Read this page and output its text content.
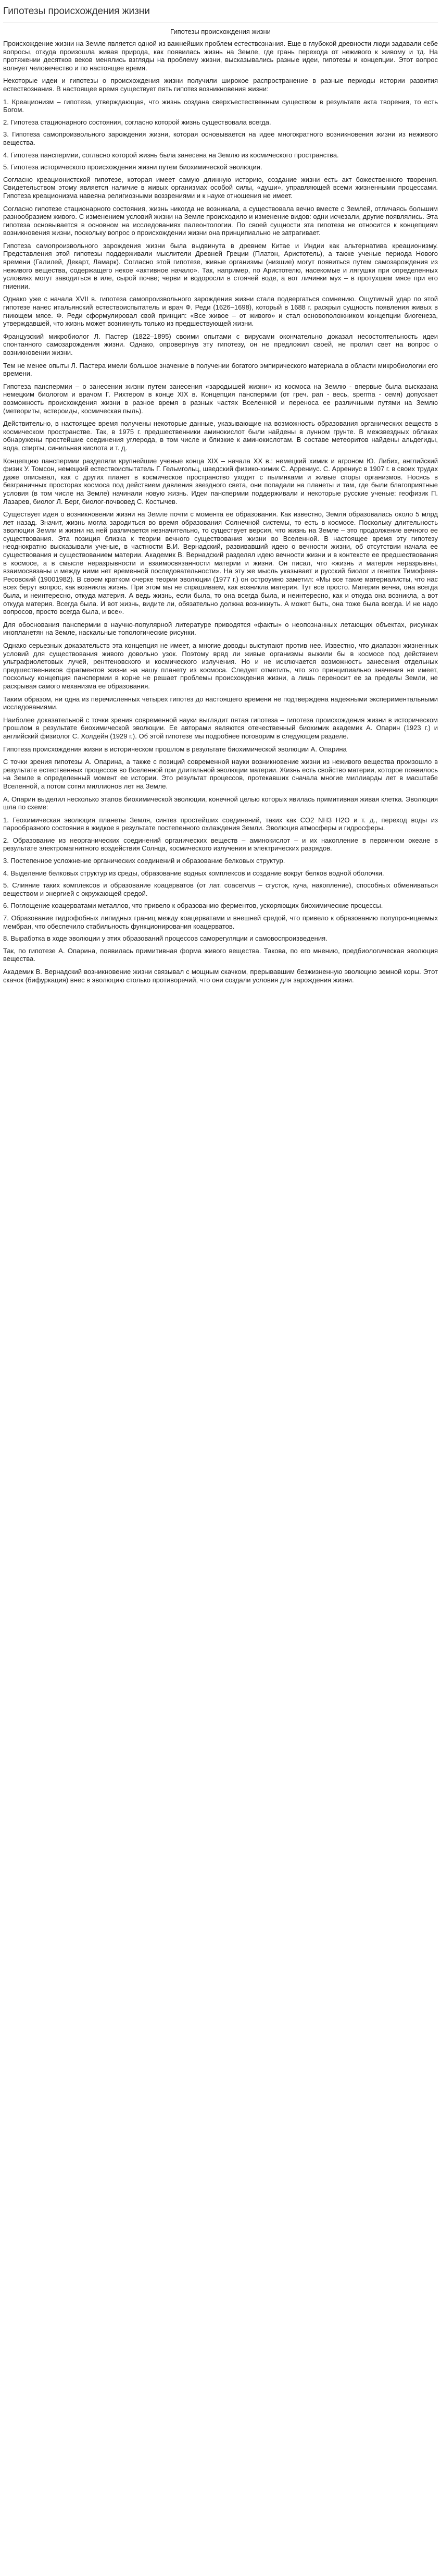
Гипотезы происхождения жизни
Гипотезы происхождения жизни

Происхождение жизни на Земле является одной из важнейших проблем естествознания. Еще в глубокой древности люди задавали себе вопросы, откуда произошла живая природа, как появилась жизнь на Земле, где грань перехода от неживого к живому и тд. На протяжении десятков веков менялись взгляды на проблему жизни, высказывались разные идеи, гипотезы и концепции. Этот вопрос волнует человечество и по настоящее время.

Некоторые идеи и гипотезы о происхождения жизни получили широкое распространение в разные периоды истории развития естествознания. В настоящее время существует пять гипотез возникновения жизни:

1. Креационизм – гипотеза, утверждающая, что жизнь создана сверхъестественным существом в результате акта творения, то есть Богом.

2. Гипотеза стационарного состояния, согласно которой жизнь существовала всегда.

3. Гипотеза самопроизвольного зарождения жизни, которая основывается на идее многократного возникновения жизни из неживого вещества.

4. Гипотеза панспермии, согласно которой жизнь была занесена на Землю из космического пространства.

5. Гипотеза исторического происхождения жизни путем биохимической эволюции.

Согласно креационистской гипотезе, которая имеет самую длинную историю, создание жизни есть акт божественного творения. Свидетельством этому является наличие в живых организмах особой силы, «души», управляющей всеми жизненными процессами. Гипотеза креационизма навеяна религиозными воззрениями и к науке отношения не имеет.

Согласно гипотезе стационарного состояния, жизнь никогда не возникала, а существовала вечно вместе с Землей, отличаясь большим разнообразием живого. С изменением условий жизни на Земле происходило и изменение видов: одни исчезали, другие появлялись. Эта гипотеза основывается в основном на исследованиях палеонтологии. По своей сущности эта гипотеза не относится к концепциям возникновения жизни, поскольку вопрос о происхождении жизни она принципиально не затрагивает.

Гипотеза самопроизвольного зарождения жизни была выдвинута в древнем Китае и Индии как альтернатива креационизму. Представления этой гипотезы поддерживали мыслители Древней Греции (Платон, Аристотель), а также ученые периода Нового времени (Галилей, Декарт, Ламарк). Согласно этой гипотезе, живые организмы (низшие) могут появиться путем самозарождения из неживого вещества, содержащего некое «активное начало». Так, например, по Аристотелю, насекомые и лягушки при определенных условиях могут заводиться в иле, сырой почве; черви и водоросли в стоячей воде, а вот личинки мух – в протухшем мясе при его гниении.

Однако уже с начала XVII в. гипотеза самопроизвольного зарождения жизни стала подвергаться сомнению. Ощутимый удар по этой гипотезе нанес итальянский естествоиспытатель и врач Ф. Реди (1626–1698), который в 1688 г. раскрыл сущность появления живых в гниющем мясе. Ф. Реди сформулировал свой принцип: «Все живое – от живого» и стал основоположником концепции биогенеза, утверждавшей, что жизнь может возникнуть только из предшествующей жизни.

Французский микробиолог Л. Пастер (1822–1895) своими опытами с вирусами окончательно доказал несостоятельность идеи спонтанного самозарождения жизни. Однако, опровергнув эту гипотезу, он не предложил своей, не пролил свет на вопрос о возникновении жизни.

Тем не менее опыты Л. Пастера имели большое значение в получении богатого эмпирического материала в области микробиологии его времени.

Гипотеза панспермии – о занесении жизни путем занесения «зародышей жизни» из космоса на Землю - впервые была высказана немецким биологом и врачом Г. Рихтером в конце XIX в. Концепция панспермии (от греч. pan - весь, sperma - семя) допускает возможность происхождения жизни в разное время в разных частях Вселенной и переноса ее различными путями на Землю (метеориты, астероиды, космическая пыль).

Действительно, в настоящее время получены некоторые данные, указывающие на возможность образования органических веществ в космическом пространстве. Так, в 1975 г. предшественники аминокислот были найдены в лунном грунте. В межзвездных облаках обнаружены простейшие соединения углерода, в том числе и близкие к аминокислотам. В составе метеоритов найдены альдегиды, вода, спирты, синильная кислота и т. д.

Концепцию панспермии разделяли крупнейшие ученые конца XIX – начала XX в.: немецкий химик и агроном Ю. Либих, английский физик У. Томсон, немецкий естествоиспытатель Г. Гельмгольц, шведский физико-химик С. Аррениус. С. Аррениус в 1907 г. в своих трудах даже описывал, как с других планет в космическое пространство уходят с пылинками и живые споры организмов. Носясь в безграничных просторах космоса под действием давления звездного света, они попадали на планеты и там, где были благоприятные условия (в том числе на Земле) начинали новую жизнь. Идеи панспермии поддерживали и некоторые русские ученые: геофизик П. Лазарев, биолог Л. Берг, биолог-почвовед С. Костычев.

Существует идея о возникновении жизни на Земле почти с момента ее образования. Как известно, Земля образовалась около 5 млрд лет назад. Значит, жизнь могла зародиться во время образования Солнечной системы, то есть в космосе. Поскольку длительность эволюции Земли и жизни на ней различается незначительно, то существует версия, что жизнь на Земле – это продолжение вечного ее существования. Эта позиция близка к теории вечного существования жизни во Вселенной. В настоящее время эту гипотезу неоднократно высказывали ученые, в частности В.И. Вернадский, развивавший идею о вечности жизни, об отсутствии начала ее существования и существованием материи. Академик В. Вернадский разделял идею вечности жизни и в контексте ее предшествования в космосе, а в смысле неразрывности и взаимосвязанности материи и жизни. Он писал, что «жизнь и материя неразрывны, взаимосвязаны и между ними нет временной последовательности». На эту же мысль указывает и русский биолог и генетик Тимофеев-Ресовский (19001982). В своем кратком очерке теории эволюции (1977 г.) он остроумно заметил: «Мы все такие материалисты, что нас всех берут вопрос, как возникла жизнь. При этом мы не спрашиваем, как возникла материя. Тут все просто. Материя вечна, она всегда была, и неинтересно, откуда материя. А ведь жизнь, если была, то она всегда была, и неинтересно, как и откуда она возникла, а вот откуда материя. Всегда была. И вот жизнь, видите ли, обязательно должна возникнуть. А может быть, она тоже была всегда. И не надо вопросов, просто всегда была, и все».

Для обоснования панспермии в научно-популярной литературе приводятся «факты» о неопознанных летающих объектах, рисунках инопланетян на Земле, наскальные топологические рисунки.

Однако серьезных доказательств эта концепция не имеет, а многие доводы выступают против нее. Известно, что диапазон жизненных условий для существования живого довольно узок. Поэтому вряд ли живые организмы выжили бы в космосе под действием ультрафиолетовых лучей, рентгеновского и космического излучения. Но и не исключается возможность занесения отдельных предшественников фрагментов жизни на нашу планету из космоса. Следует отметить, что это принципиально значения не имеет, поскольку концепция панспермии в корне не решает проблемы происхождения жизни, а лишь переносит ее за пределы Земли, не раскрывая самого механизма ее образования.

Таким образом, ни одна из перечисленных четырех гипотез до настоящего времени не подтверждена надежными экспериментальными исследованиями.

Наиболее доказательной с точки зрения современной науки выглядит пятая гипотеза – гипотеза происхождения жизни в историческом прошлом в результате биохимической эволюции. Ее авторами являются отечественный биохимик академик А. Опарин (1923 г.) и английский физиолог С. Холдейн (1929 г.). Об этой гипотезе мы подробнее поговорим в следующем разделе.

Гипотеза происхождения жизни в историческом прошлом в результате биохимической эволюции А. Опарина

С точки зрения гипотезы А. Опарина, а также с позиций современной науки возникновение жизни из неживого вещества произошло в результате естественных процессов во Вселенной при длительной эволюции материи. Жизнь есть свойство материи, которое появилось на Земле в определенный момент ее истории. Это результат процессов, протекавших сначала многие миллиарды лет в масштабе Вселенной, а потом сотни миллионов лет на Земле.

А. Опарин выделил несколько этапов биохимической эволюции, конечной целью которых явилась примитивная живая клетка. Эволюция шла по схеме:

1. Геохимическая эволюция планеты Земля, синтез простейших соединений, таких как CO2 NH3 H2O и т. д., переход воды из парообразного состояния в жидкое в результате постепенного охлаждения Земли. Эволюция атмосферы и гидросферы.

2. Образование из неорганических соединений органических веществ – аминокислот – и их накопление в первичном океане в результате электромагнитного воздействия Солнца, космического излучения и электрических разрядов.

3. Постепенное усложнение органических соединений и образование белковых структур.

4. Выделение белковых структур из среды, образование водных комплексов и создание вокруг белков водной оболочки.

5. Слияние таких комплексов и образование коацерватов (от лат. coacervus – сгусток, куча, накопление), способных обмениваться веществом и энергией с окружающей средой.

6. Поглощение коацерватами металлов, что привело к образованию ферментов, ускоряющих биохимические процессы.

7. Образование гидрофобных липидных границ между коацерватами и внешней средой, что привело к образованию полупроницаемых мембран, что обеспечило стабильность функционирования коацерватов.

8. Выработка в ходе эволюции у этих образований процессов саморегуляции и самовоспроизведения.

Так, по гипотезе А. Опарина, появилась примитивная форма живого вещества. Такова, по его мнению, предбиологическая эволюция вещества.

Академик В. Вернадский возникновение жизни связывал с мощным скачком, прерывавшим безжизненную эволюцию земной коры. Этот скачок (бифуркация) внес в эволюцию столько противоречий, что они создали условия для зарождения жизни.
